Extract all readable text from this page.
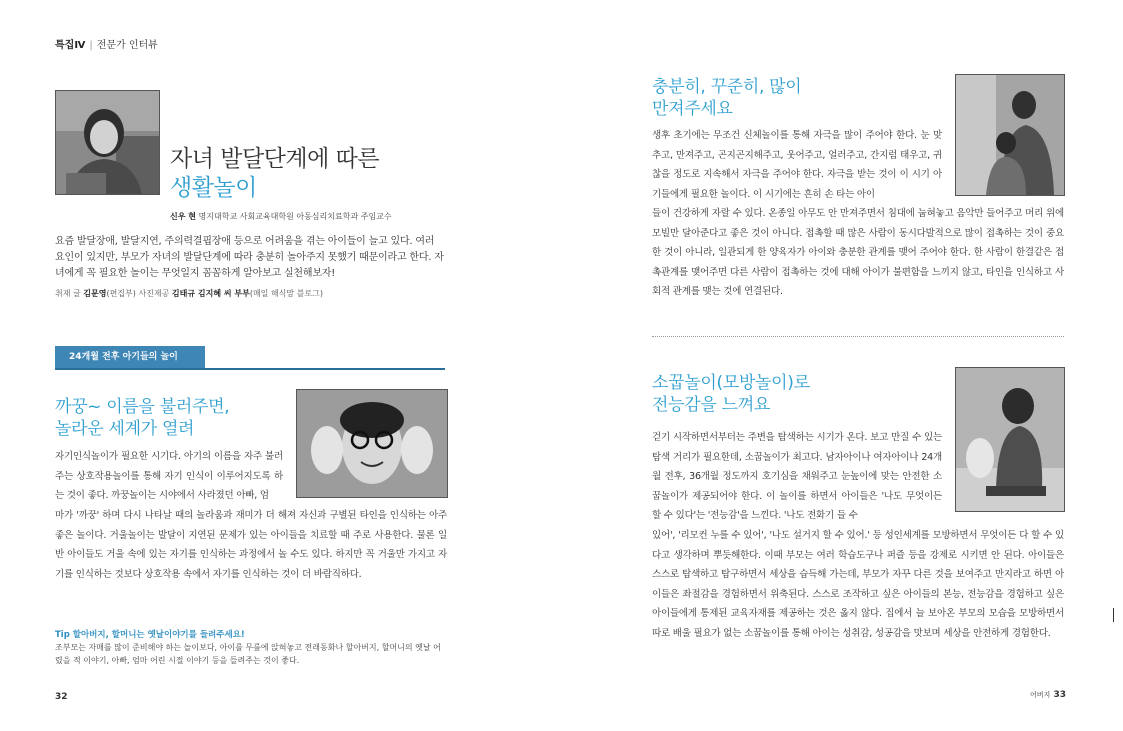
특집Ⅳ | 전문가 인터뷰
자녀 발달단계에 따른
생활놀이
신우 현 명지대학교 사회교육대학원 아동심리치료학과 주임교수
요즘 발달장애, 발달지연, 주의력결핍장애 등으로 어려움을 겪는 아이들이 늘고 있다. 여러 요인이 있지만, 부모가 자녀의 발달단계에 따라 충분히 놀아주지 못했기 때문이라고 한다. 자녀에게 꼭 필요한 놀이는 무엇일지 꼼꼼하게 알아보고 실천해보자!
취재 글 김문영(편집부) 사진제공 김태규 김지혜 씨 부부(매일 해식맘 블로그)
24개월 전후 아기들의 놀이
까꿍~ 이름을 불러주면,
놀라운 세계가 열려
자기인식놀이가 필요한 시기다. 아기의 이름을 자주 불러주는 상호작용놀이를 통해 자기 인식이 이루어지도록 하는 것이 좋다. 까꿍놀이는 시야에서 사라졌던 아빠, 엄
마가 '까꿍' 하며 다시 나타날 때의 놀라움과 재미가 더 해져 자신과 구별된 타인을 인식하는 아주 좋은 놀이다. 거울놀이는 발달이 지연된 문제가 있는 아이들을 치료할 때 주로 사용한다. 물론 일반 아이들도 거울 속에 있는 자기를 인식하는 과정에서 놀 수도 있다. 하지만 꼭 거울만 가지고 자기를 인식하는 것보다 상호작용 속에서 자기를 인식하는 것이 더 바람직하다.
Tip 할아버지, 할머니는 옛날이야기를 들려주세요!
조부모는 자매를 많이 준비해야 하는 놀이보다, 아이를 무릎에 앉혀놓고 전래동화나 할아버지, 할머니의 옛날 어렸을 적 이야기, 아빠, 엄마 어린 시절 이야기 등을 들려주는 것이 좋다.
32
충분히, 꾸준히, 많이
만져주세요
생후 초기에는 무조건 신체놀이를 통해 자극을 많이 주어야 한다. 눈 맞추고, 만져주고, 곤지곤지해주고, 웃어주고, 얼러주고, 간지럼 태우고, 귀찮을 정도로 지속해서 자극을 주어야 한다. 자극을 받는 것이 이 시기 아기들에게 필요한 놀이다. 이 시기에는 흔히 손 타는 아이
들이 건강하게 자랄 수 있다. 온종일 아무도 안 만져주면서 침대에 눕혀놓고 음악만 들어주고 머리 위에 모빌만 달아준다고 좋은 것이 아니다. 접촉할 때 많은 사람이 동시다발적으로 많이 접촉하는 것이 중요한 것이 아니라, 일관되게 한 양육자가 아이와 충분한 관계를 맺어 주어야 한다. 한 사람이 한결같은 접촉관계를 맺어주면 다른 사람이 접촉하는 것에 대해 아이가 불편함을 느끼지 않고, 타인을 인식하고 사회적 관계를 맺는 것에 연결된다.
소꿉놀이(모방놀이)로
전능감을 느껴요
걷기 시작하면서부터는 주변을 탐색하는 시기가 온다. 보고 만질 수 있는 탐색 거리가 필요한데, 소꿉놀이가 최고다. 남자아이나 여자아이나 24개월 전후, 36개월 정도까지 호기심을 채워주고 눈높이에 맞는 안전한 소꿉놀이가 제공되어야 한다. 이 놀이를 하면서 아이들은 '나도 무엇이든 할 수 있다'는 '전능감'을 느낀다. '나도 전화기 들 수
있어', '리모컨 누를 수 있어', '나도 설거지 할 수 있어.' 등 성인세계를 모방하면서 무엇이든 다 할 수 있다고 생각하며 뿌듯해한다. 이때 부모는 여러 학습도구나 퍼즐 등을 강제로 시키면 안 된다. 아이들은 스스로 탐색하고 탐구하면서 세상을 습득해 가는데, 부모가 자꾸 다른 것을 보여주고 만지라고 하면 아이들은 좌절감을 경험하면서 위축된다. 스스로 조작하고 싶은 아이들의 본능, 전능감을 경험하고 싶은 아이들에게 통제된 교육자재를 제공하는 것은 옳지 않다. 집에서 늘 보아온 부모의 모습을 모방하면서 따로 배울 필요가 없는 소꿉놀이를 통해 아이는 성취감, 성공감을 맛보며 세상을 안전하게 경험한다.
어버지 33
